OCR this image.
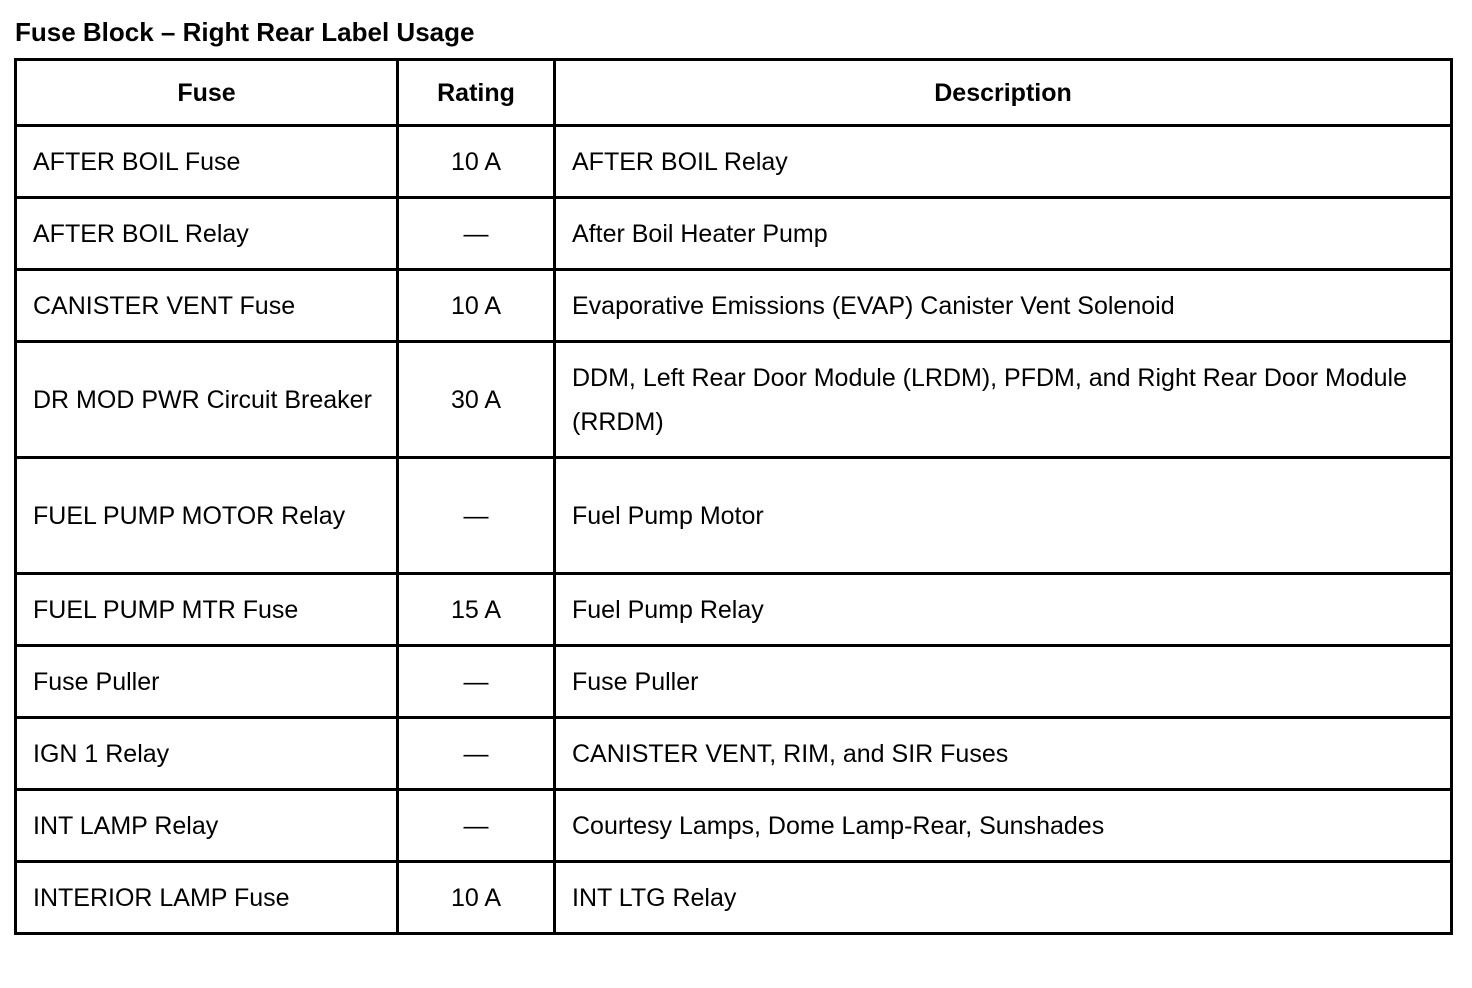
Fuse Block – Right Rear Label Usage
Fuse	Rating	Description
AFTER BOIL Fuse	10 A	AFTER BOIL Relay
AFTER BOIL Relay	—	After Boil Heater Pump
CANISTER VENT Fuse	10 A	Evaporative Emissions (EVAP) Canister Vent Solenoid
DR MOD PWR Circuit Breaker	30 A	DDM, Left Rear Door Module (LRDM), PFDM, and Right Rear Door Module (RRDM)
FUEL PUMP MOTOR Relay	—	Fuel Pump Motor
FUEL PUMP MTR Fuse	15 A	Fuel Pump Relay
Fuse Puller	—	Fuse Puller
IGN 1 Relay	—	CANISTER VENT, RIM, and SIR Fuses
INT LAMP Relay	—	Courtesy Lamps, Dome Lamp-Rear, Sunshades
INTERIOR LAMP Fuse	10 A	INT LTG Relay
